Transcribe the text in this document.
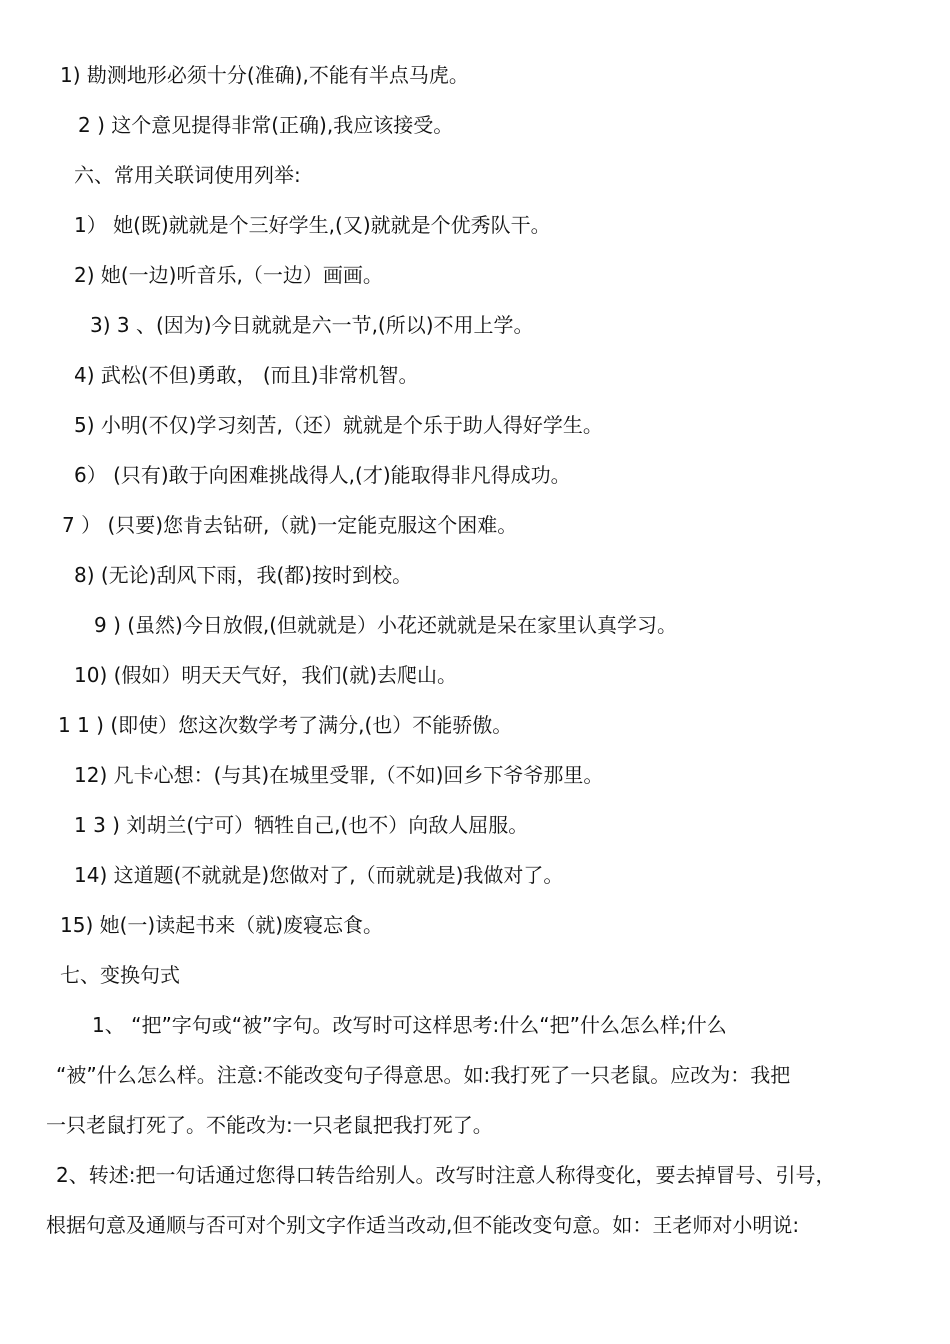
1) 勘测地形必须十分(准确),不能有半点马虎。
2 ) 这个意见提得非常(正确),我应该接受。
六、常用关联词使用列举:
1） 她(既)就就是个三好学生,(又)就就是个优秀队干。
2) 她(一边)听音乐,（一边）画画。
3) 3 、(因为)今日就就是六一节,(所以)不用上学。
4) 武松(不但)勇敢， (而且)非常机智。
5) 小明(不仅)学习刻苦,（还）就就是个乐于助人得好学生。
6） (只有)敢于向困难挑战得人,(才)能取得非凡得成功。
7 ） (只要)您肯去钻研,（就)一定能克服这个困难。
8) (无论)刮风下雨，我(都)按时到校。
9 ) (虽然)今日放假,(但就就是）小花还就就是呆在家里认真学习。
10) (假如）明天天气好，我们(就)去爬山。
1 1 ) (即使）您这次数学考了满分,(也）不能骄傲。
12) 凡卡心想：(与其)在城里受罪,（不如)回乡下爷爷那里。
1 3 ) 刘胡兰(宁可）牺牲自己,(也不）向敌人屈服。
14) 这道题(不就就是)您做对了,（而就就是)我做对了。
15) 她(一)读起书来（就)废寝忘食。
七、变换句式
1、 “把”字句或“被”字句。改写时可这样思考:什么“把”什么怎么样;什么
“被”什么怎么样。注意:不能改变句子得意思。如:我打死了一只老鼠。应改为：我把
一只老鼠打死了。不能改为:一只老鼠把我打死了。
2、转述:把一句话通过您得口转告给别人。改写时注意人称得变化，要去掉冒号、引号，
根据句意及通顺与否可对个别文字作适当改动,但不能改变句意。如：王老师对小明说:
